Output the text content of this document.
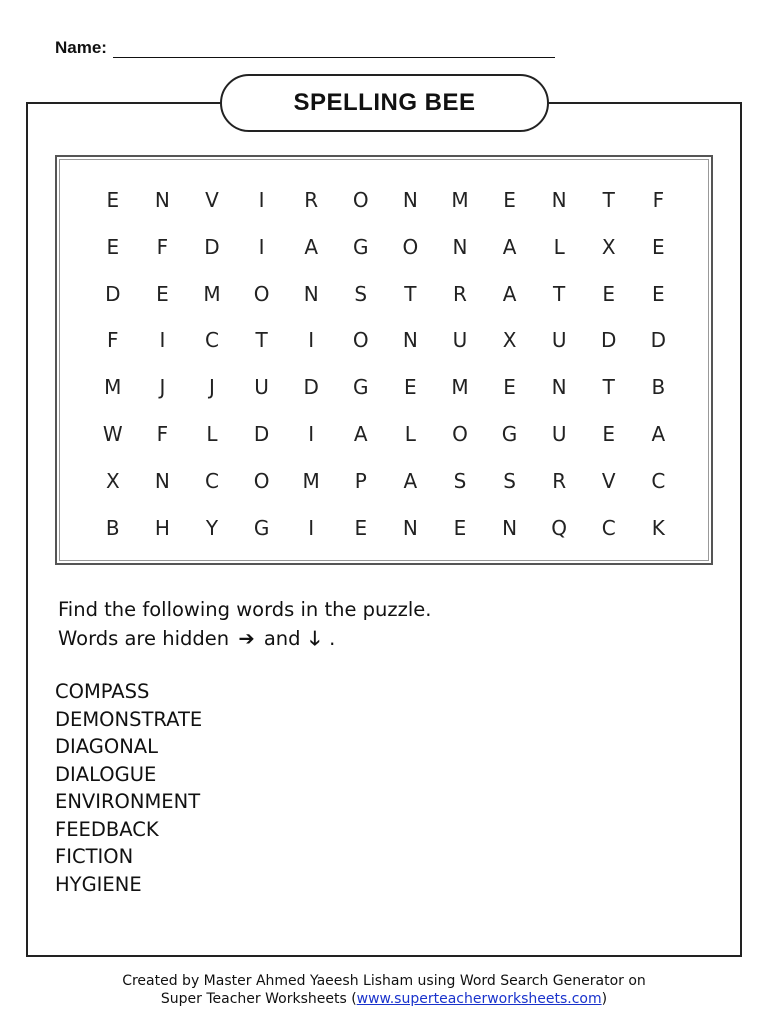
Name:
SPELLING BEE
E	N	V	I	R	O	N	M	E	N	T	F
E	F	D	I	A	G	O	N	A	L	X	E
D	E	M	O	N	S	T	R	A	T	E	E
F	I	C	T	I	O	N	U	X	U	D	D
M	J	J	U	D	G	E	M	E	N	T	B
W	F	L	D	I	A	L	O	G	U	E	A
X	N	C	O	M	P	A	S	S	R	V	C
B	H	Y	G	I	E	N	E	N	Q	C	K
Find the following words in the puzzle.
Words are hidden ➔ and 🡓 .
COMPASS
DEMONSTRATE
DIAGONAL
DIALOGUE
ENVIRONMENT
FEEDBACK
FICTION
HYGIENE
Created by Master Ahmed Yaeesh Lisham using Word Search Generator on
Super Teacher Worksheets (www.superteacherworksheets.com)
